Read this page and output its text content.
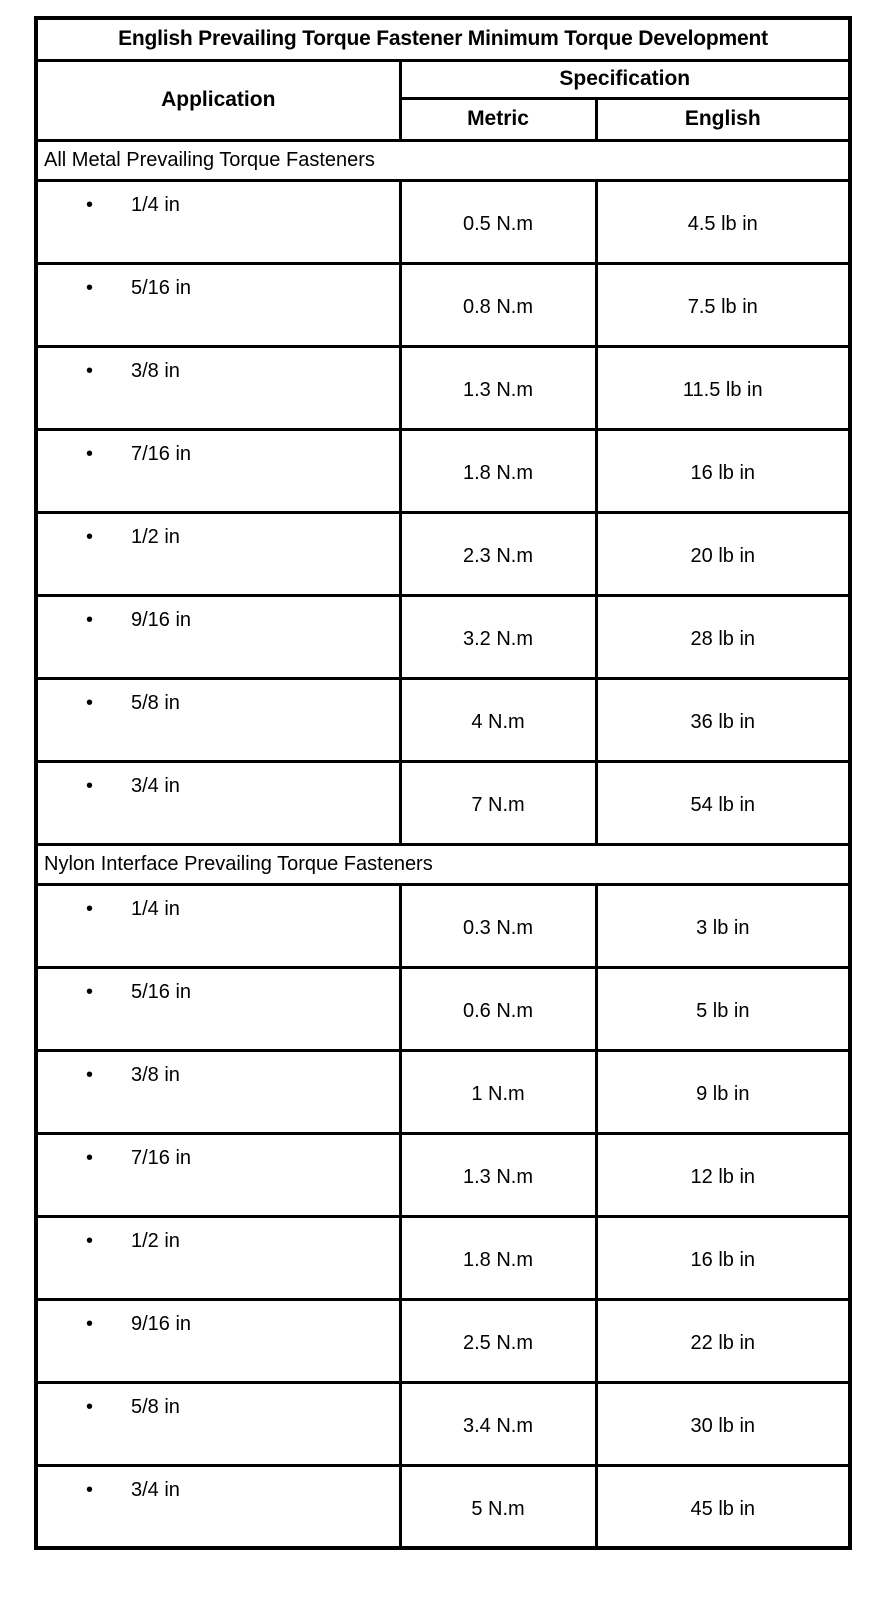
English Prevailing Torque Fastener Minimum Torque Development		
Application	Specification	
	Metric	English
All Metal Prevailing Torque Fasteners		

• 1/4 in	0.5 N.m	4.5 lb in

• 5/16 in	0.8 N.m	7.5 lb in

• 3/8 in	1.3 N.m	11.5 lb in

• 7/16 in	1.8 N.m	16 lb in

• 1/2 in	2.3 N.m	20 lb in

• 9/16 in	3.2 N.m	28 lb in

• 5/8 in	4 N.m	36 lb in

• 3/4 in	7 N.m	54 lb in
Nylon Interface Prevailing Torque Fasteners		

• 1/4 in	0.3 N.m	3 lb in

• 5/16 in	0.6 N.m	5 lb in

• 3/8 in	1 N.m	9 lb in

• 7/16 in	1.3 N.m	12 lb in

• 1/2 in	1.8 N.m	16 lb in

• 9/16 in	2.5 N.m	22 lb in

• 5/8 in	3.4 N.m	30 lb in

• 3/4 in	5 N.m	45 lb in
